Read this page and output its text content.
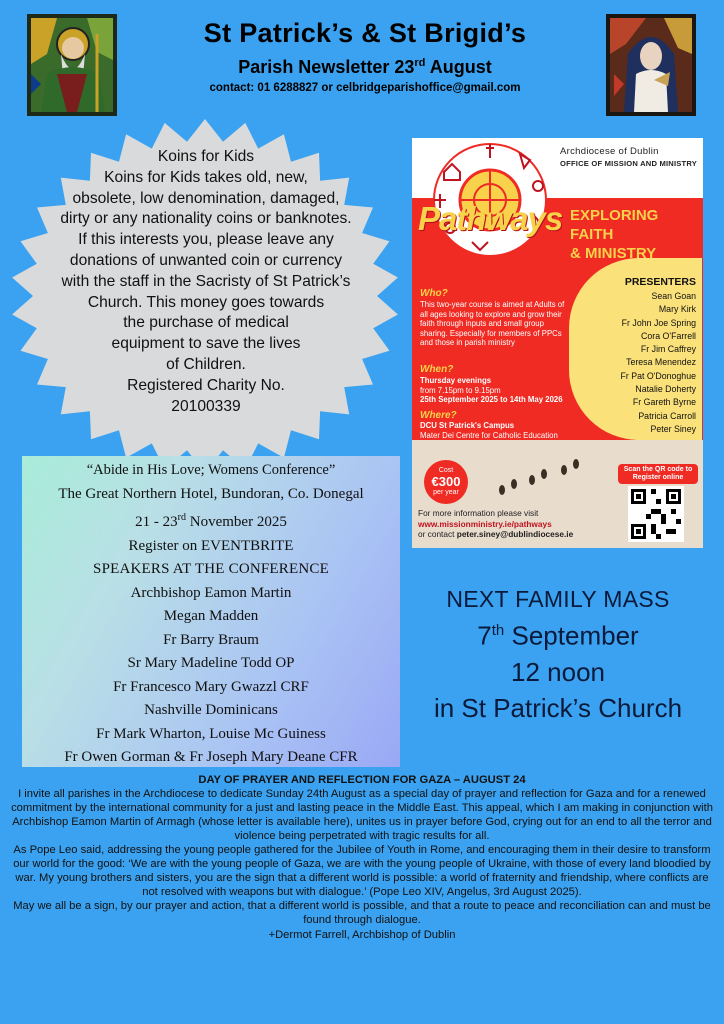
St Patrick’s & St Brigid’s
Parish Newsletter 23rd August
contact: 01 6288827 or celbridgeparishoffice@gmail.com
Koins for Kids
Koins for Kids takes old, new,
obsolete, low denomination, damaged,
dirty or any nationality coins or banknotes.
If this interests you, please leave any
donations of unwanted coin or currency
with the staff in the Sacristy of St Patrick’s
Church. This money goes towards
the purchase of medical
equipment to save the lives
of Children.
Registered Charity No.
20100339
“Abide in His Love; Womens Conference”
The Great Northern Hotel, Bundoran, Co. Donegal
21 - 23rd November 2025
Register on EVENTBRITE
SPEAKERS AT THE CONFERENCE
Archbishop Eamon Martin
Megan Madden
Fr Barry Braum
Sr Mary Madeline Todd OP
Fr Francesco Mary Gwazzl CRF
Nashville Dominicans
Fr Mark Wharton, Louise Mc Guiness
Fr Owen Gorman & Fr Joseph Mary Deane CFR
Archdiocese of Dublin
OFFICE OF MISSION AND MINISTRY
Pathways EXPLORING FAITH
& MINISTRY
PRESENTERS
Sean Goan
Mary Kirk
Fr John Joe Spring
Cora O'Farrell
Fr Jim Caffrey
Teresa Menendez
Fr Pat O'Donoghue
Natalie Doherty
Fr Gareth Byrne
Patricia Carroll
Peter Siney
Who?
This two-year course is aimed at Adults of all ages looking to explore and grow their faith through inputs and small group sharing. Especially for members of PPCs and those in parish ministry
When?
Thursday evenings
from 7.15pm to 9.15pm
25th September 2025 to 14th May 2026
Where?
DCU St Patrick's Campus
Mater Dei Centre for Catholic Education
Cost
€300
per year
For more information please visit
www.missionministry.ie/pathways
or contact peter.siney@dublindiocese.ie
Scan the QR code to Register online
NEXT FAMILY MASS
7th September
12 noon
in St Patrick’s Church
DAY OF PRAYER AND REFLECTION FOR GAZA – AUGUST 24
I invite all parishes in the Archdiocese to dedicate Sunday 24th August as a special day of prayer and reflection for Gaza and for a renewed commitment by the international community for a just and lasting peace in the Middle East. This appeal, which I am making in conjunction with Archbishop Eamon Martin of Armagh (whose letter is available here), unites us in prayer before God, crying out for an end to all the terror and violence being perpetrated with tragic results for all.
As Pope Leo said, addressing the young people gathered for the Jubilee of Youth in Rome, and encouraging them in their desire to transform our world for the good: ‘We are with the young people of Gaza, we are with the young people of Ukraine, with those of every land bloodied by war. My young brothers and sisters, you are the sign that a different world is possible: a world of fraternity and friendship, where conflicts are not resolved with weapons but with dialogue.’ (Pope Leo XIV, Angelus, 3rd August 2025).
May we all be a sign, by our prayer and action, that a different world is possible, and that a route to peace and reconciliation can and must be found through dialogue.
+Dermot Farrell, Archbishop of Dublin
